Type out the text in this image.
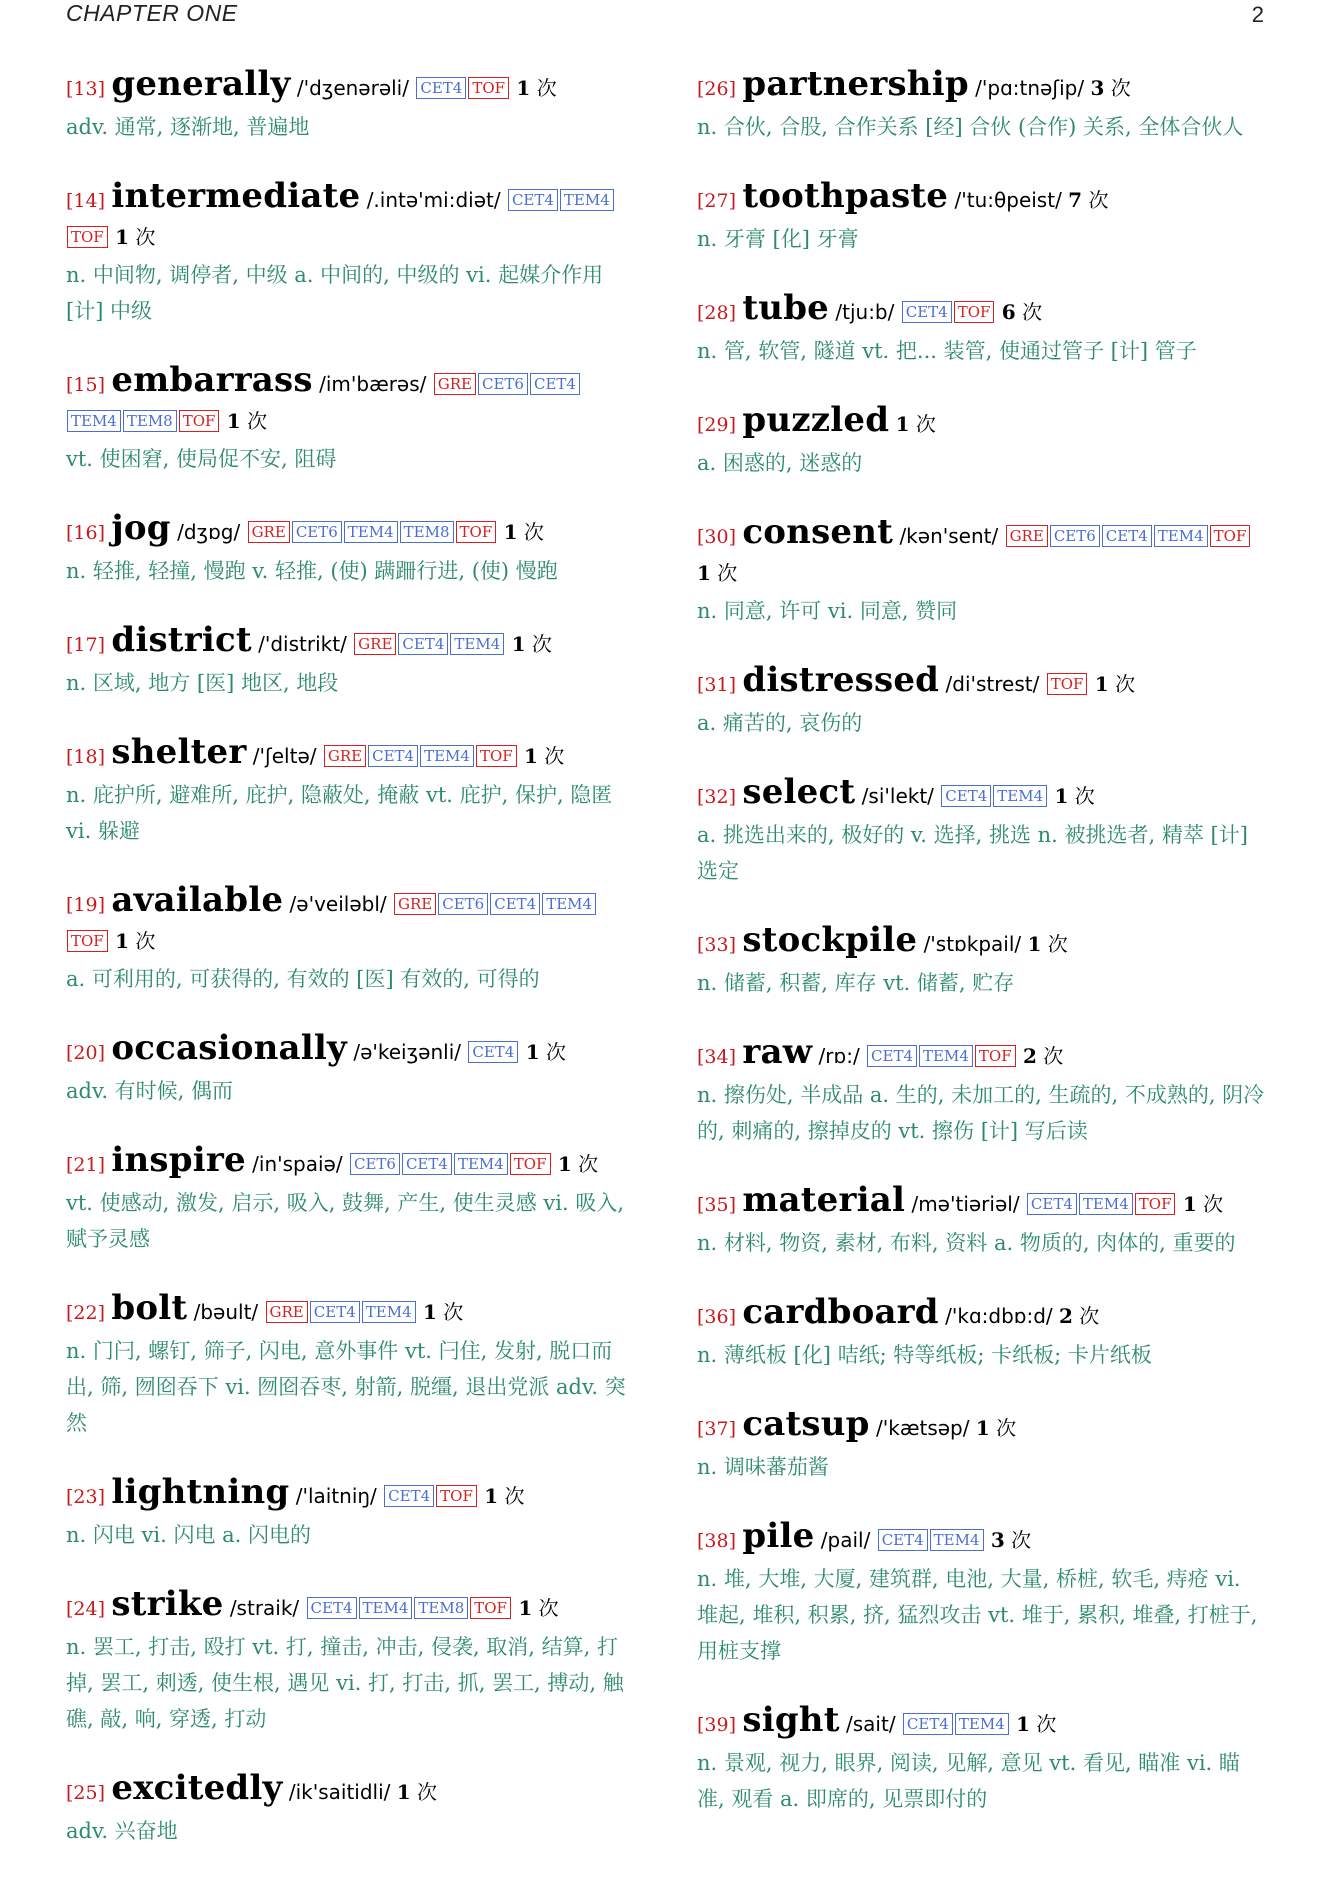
CHAPTER ONE	2
[13] generally /'dʒenərəli/ CET4 TOF 1 次
adv. 通常, 逐渐地, 普遍地
[14] intermediate /.intə'mi:diət/ CET4 TEM4TOF 1 次
n. 中间物, 调停者, 中级 a. 中间的, 中级的 vi. 起媒介作用 [计] 中级
[15] embarrass /im'bærəs/ GRE CET6 CET4TEM4 TEM8 TOF 1 次
vt. 使困窘, 使局促不安, 阻碍
[16] jog /dʒɒg/ GRE CET6 TEM4 TEM8 TOF 1 次
n. 轻推, 轻撞, 慢跑 v. 轻推, (使) 蹒跚行进, (使) 慢跑
[17] district /'distrikt/ GRE CET4 TEM4 1 次
n. 区域, 地方 [医] 地区, 地段
[18] shelter /'ʃeltə/ GRE CET4 TEM4 TOF 1 次
n. 庇护所, 避难所, 庇护, 隐蔽处, 掩蔽 vt. 庇护, 保护, 隐匿 vi. 躲避
[19] available /ə'veiləbl/ GRE CET6 CET4 TEM4TOF 1 次
a. 可利用的, 可获得的, 有效的 [医] 有效的, 可得的
[20] occasionally /ə'keiʒənli/ CET4 1 次
adv. 有时候, 偶而
[21] inspire /in'spaiə/ CET6 CET4 TEM4 TOF 1 次
vt. 使感动, 激发, 启示, 吸入, 鼓舞, 产生, 使生灵感 vi. 吸入, 赋予灵感
[22] bolt /bəult/ GRE CET4 TEM4 1 次
n. 门闩, 螺钉, 筛子, 闪电, 意外事件 vt. 闩住, 发射, 脱口而出, 筛, 囫囵吞下 vi. 囫囵吞枣, 射箭, 脱缰, 退出党派 adv. 突然
[23] lightning /'laitniŋ/ CET4 TOF 1 次
n. 闪电 vi. 闪电 a. 闪电的
[24] strike /straik/ CET4 TEM4 TEM8 TOF 1 次
n. 罢工, 打击, 殴打 vt. 打, 撞击, 冲击, 侵袭, 取消, 结算, 打掉, 罢工, 刺透, 使生根, 遇见 vi. 打, 打击, 抓, 罢工, 搏动, 触礁, 敲, 响, 穿透, 打动
[25] excitedly /ik'saitidli/ 1 次
adv. 兴奋地
[26] partnership /'pɑ:tnəʃip/ 3 次
n. 合伙, 合股, 合作关系 [经] 合伙 (合作) 关系, 全体合伙人
[27] toothpaste /'tu:θpeist/ 7 次
n. 牙膏 [化] 牙膏
[28] tube /tju:b/ CET4 TOF 6 次
n. 管, 软管, 隧道 vt. 把... 装管, 使通过管子 [计] 管子
[29] puzzled 1 次
a. 困惑的, 迷惑的
[30] consent /kən'sent/ GRE CET6 CET4 TEM4 TOF 1 次
n. 同意, 许可 vi. 同意, 赞同
[31] distressed /di'strest/ TOF 1 次
a. 痛苦的, 哀伤的
[32] select /si'lekt/ CET4 TEM4 1 次
a. 挑选出来的, 极好的 v. 选择, 挑选 n. 被挑选者, 精萃 [计] 选定
[33] stockpile /'stɒkpail/ 1 次
n. 储蓄, 积蓄, 库存 vt. 储蓄, 贮存
[34] raw /rɒ:/ CET4 TEM4 TOF 2 次
n. 擦伤处, 半成品 a. 生的, 未加工的, 生疏的, 不成熟的, 阴冷的, 刺痛的, 擦掉皮的 vt. 擦伤 [计] 写后读
[35] material /mə'tiəriəl/ CET4 TEM4 TOF 1 次
n. 材料, 物资, 素材, 布料, 资料 a. 物质的, 肉体的, 重要的
[36] cardboard /'kɑ:dbɒ:d/ 2 次
n. 薄纸板 [化] 咭纸; 特等纸板; 卡纸板; 卡片纸板
[37] catsup /'kætsəp/ 1 次
n. 调味蕃茄酱
[38] pile /pail/ CET4 TEM4 3 次
n. 堆, 大堆, 大厦, 建筑群, 电池, 大量, 桥桩, 软毛, 痔疮 vi. 堆起, 堆积, 积累, 挤, 猛烈攻击 vt. 堆于, 累积, 堆叠, 打桩于, 用桩支撑
[39] sight /sait/ CET4 TEM4 1 次
n. 景观, 视力, 眼界, 阅读, 见解, 意见 vt. 看见, 瞄准 vi. 瞄准, 观看 a. 即席的, 见票即付的
